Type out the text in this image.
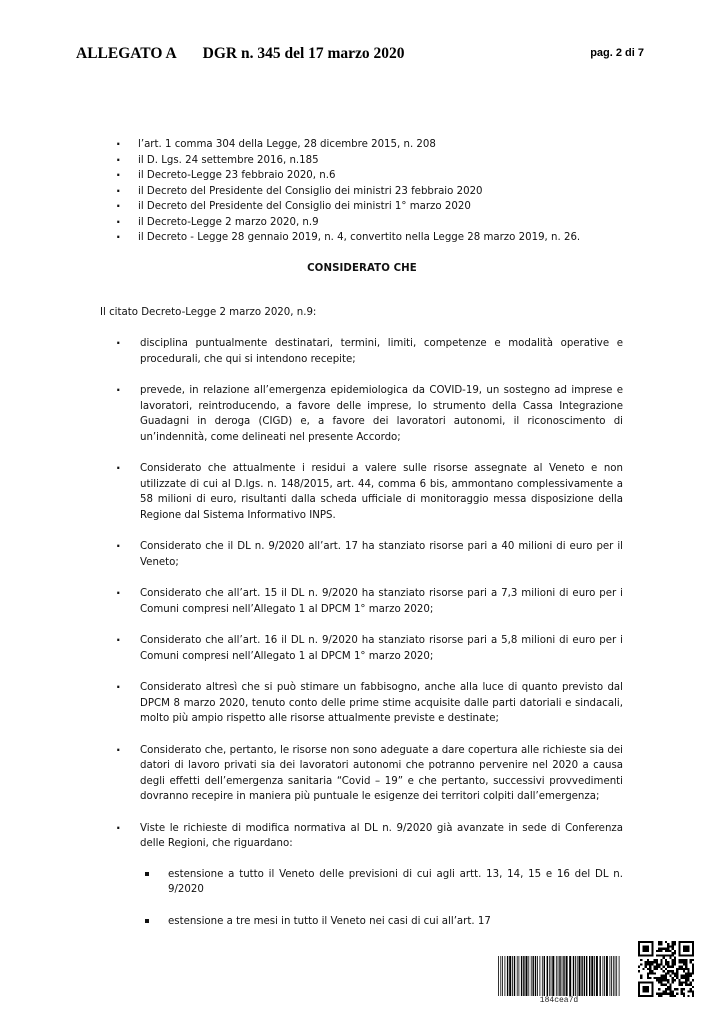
ALLEGATO A DGR n. 345 del 17 marzo 2020	pag. 2 di 7
· l’art. 1 comma 304 della Legge, 28 dicembre 2015, n. 208
· il D. Lgs. 24 settembre 2016, n.185
· il Decreto-Legge 23 febbraio 2020, n.6
· il Decreto del Presidente del Consiglio dei ministri 23 febbraio 2020
· il Decreto del Presidente del Consiglio dei ministri 1° marzo 2020
· il Decreto-Legge 2 marzo 2020, n.9
· il Decreto - Legge 28 gennaio 2019, n. 4, convertito nella Legge 28 marzo 2019, n. 26.
CONSIDERATO CHE
Il citato Decreto-Legge 2 marzo 2020, n.9:
· disciplina puntualmente destinatari, termini, limiti, competenze e modalità operative e procedurali, che qui si intendono recepite;
· prevede, in relazione all’emergenza epidemiologica da COVID-19, un sostegno ad imprese e lavoratori, reintroducendo, a favore delle imprese, lo strumento della Cassa Integrazione Guadagni in deroga (CIGD) e, a favore dei lavoratori autonomi, il riconoscimento di un’indennità, come delineati nel presente Accordo;
· Considerato che attualmente i residui a valere sulle risorse assegnate al Veneto e non utilizzate di cui al D.lgs. n. 148/2015, art. 44, comma 6 bis, ammontano complessivamente a 58 milioni di euro, risultanti dalla scheda ufficiale di monitoraggio messa disposizione della Regione dal Sistema Informativo INPS.
· Considerato che il DL n. 9/2020 all’art. 17 ha stanziato risorse pari a 40 milioni di euro per il Veneto;
· Considerato che all’art. 15 il DL n. 9/2020 ha stanziato risorse pari a 7,3 milioni di euro per i Comuni compresi nell’Allegato 1 al DPCM 1° marzo 2020;
· Considerato che all’art. 16 il DL n. 9/2020 ha stanziato risorse pari a 5,8 milioni di euro per i Comuni compresi nell’Allegato 1 al DPCM 1° marzo 2020;
· Considerato altresì che si può stimare un fabbisogno, anche alla luce di quanto previsto dal DPCM 8 marzo 2020, tenuto conto delle prime stime acquisite dalle parti datoriali e sindacali, molto più ampio rispetto alle risorse attualmente previste e destinate;
· Considerato che, pertanto, le risorse non sono adeguate a dare copertura alle richieste sia dei datori di lavoro privati sia dei lavoratori autonomi che potranno pervenire nel 2020 a causa degli effetti dell’emergenza sanitaria “Covid – 19” e che pertanto, successivi provvedimenti dovranno recepire in maniera più puntuale le esigenze dei territori colpiti dall’emergenza;
· Viste le richieste di modifica normativa al DL n. 9/2020 già avanzate in sede di Conferenza delle Regioni, che riguardano:
estensione a tutto il Veneto delle previsioni di cui agli artt. 13, 14, 15 e 16 del DL n. 9/2020
estensione a tre mesi in tutto il Veneto nei casi di cui all’art. 17
184cea7d
